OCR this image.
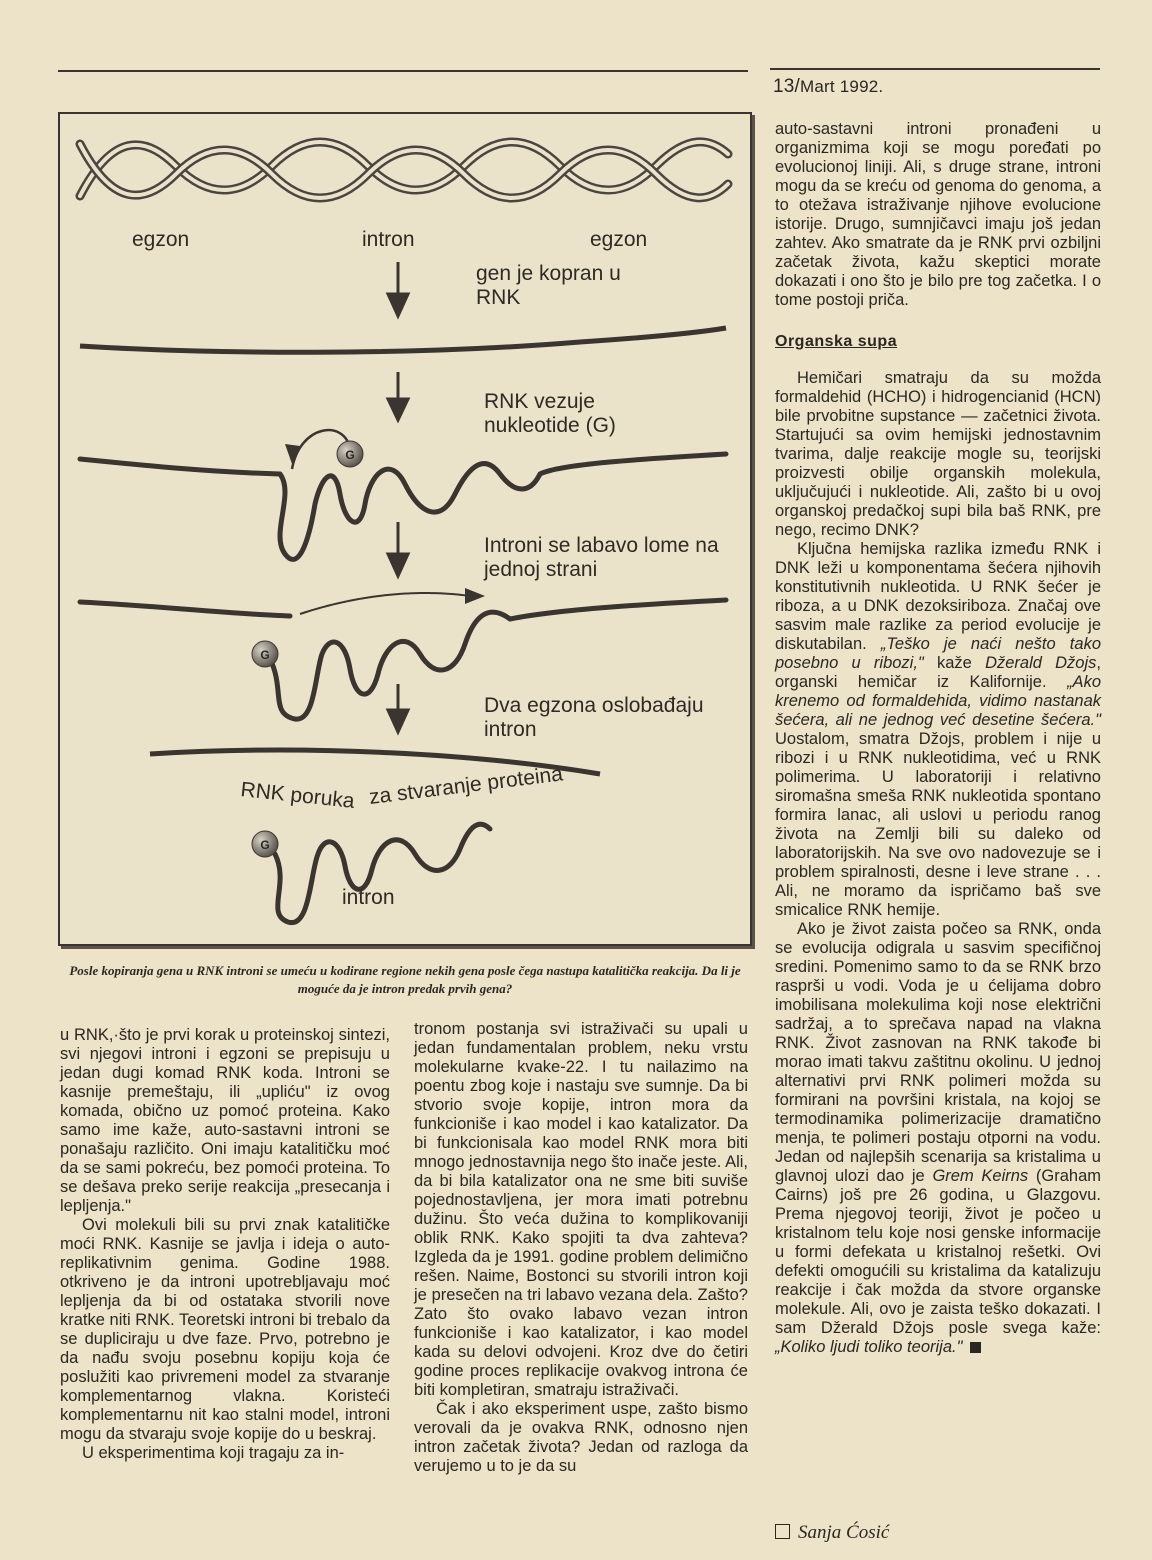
13/Mart 1992.
G
G
G
RNK poruka za stvaranje proteina
egzon	intron	egzon
gen je kopran u RNK
RNK vezuje nukleotide (G)
Introni se labavo lome na jednoj strani
Dva egzona oslobađaju intron
intron
Posle kopiranja gena u RNK introni se umeću u kodirane regione nekih gena posle čega nastupa katalitička reakcija. Da li je moguće da je intron predak prvih gena?

u RNK,·što je prvi korak u proteinskoj sintezi, svi njegovi introni i egzoni se prepisuju u jedan dugi komad RNK koda. Introni se kasnije premeštaju, ili „upliću" iz ovog komada, obično uz pomoć proteina. Kako samo ime kaže, auto-sastavni introni se ponašaju različito. Oni imaju katalitičku moć da se sami pokreću, bez pomoći proteina. To se dešava preko serije reakcija „presecanja i lepljenja."

Ovi molekuli bili su prvi znak katalitičke moći RNK. Kasnije se javlja i ideja o auto-replikativnim genima. Godine 1988. otkriveno je da introni upotrebljavaju moć lepljenja da bi od ostataka stvorili nove kratke niti RNK. Teoretski introni bi trebalo da se dupliciraju u dve faze. Prvo, potrebno je da nađu svoju posebnu kopiju koja će poslužiti kao privremeni model za stvaranje komplementarnog vlakna. Koristeći komplementarnu nit kao stalni model, introni mogu da stvaraju svoje kopije do u beskraj.

U eksperimentima koji tragaju za in-

tronom postanja svi istraživači su upali u jedan fundamentalan problem, neku vrstu molekularne kvake-22. I tu nailazimo na poentu zbog koje i nastaju sve sumnje. Da bi stvorio svoje kopije, intron mora da funkcioniše i kao model i kao katalizator. Da bi funkcionisala kao model RNK mora biti mnogo jednostavnija nego što inače jeste. Ali, da bi bila katalizator ona ne sme biti suviše pojednostavljena, jer mora imati potrebnu dužinu. Što veća dužina to komplikovaniji oblik RNK. Kako spojiti ta dva zahteva? Izgleda da je 1991. godine problem delimično rešen. Naime, Bostonci su stvorili intron koji je presečen na tri labavo vezana dela. Zašto? Zato što ovako labavo vezan intron funkcioniše i kao katalizator, i kao model kada su delovi odvojeni. Kroz dve do četiri godine proces replikacije ovakvog introna će biti kompletiran, smatraju istraživači.

Čak i ako eksperiment uspe, zašto bismo verovali da je ovakva RNK, odnosno njen intron začetak života? Jedan od razloga da verujemo u to je da su

auto-sastavni introni pronađeni u organizmima koji se mogu poređati po evolucionoj liniji. Ali, s druge strane, introni mogu da se kreću od genoma do genoma, a to otežava istraživanje njihove evolucione istorije. Drugo, sumnjičavci imaju još jedan zahtev. Ako smatrate da je RNK prvi ozbiljni začetak života, kažu skeptici morate dokazati i ono što je bilo pre tog začetka. I o tome postoji priča.

Organska supa

Hemičari smatraju da su možda formaldehid (HCHO) i hidrogencianid (HCN) bile prvobitne supstance — začetnici života. Startujući sa ovim hemijski jednostavnim tvarima, dalje reakcije mogle su, teorijski proizvesti obilje organskih molekula, uključujući i nukleotide. Ali, zašto bi u ovoj organskoj predačkoj supi bila baš RNK, pre nego, recimo DNK?

Ključna hemijska razlika između RNK i DNK leži u komponentama šećera njihovih konstitutivnih nukleotida. U RNK šećer je riboza, a u DNK dezoksiriboza. Značaj ove sasvim male razlike za period evolucije je diskutabilan. „Teško je naći nešto tako posebno u ribozi," kaže Džerald Džojs, organski hemičar iz Kalifornije. „Ako krenemo od formaldehida, vidimo nastanak šećera, ali ne jednog već desetine šećera." Uostalom, smatra Džojs, problem i nije u ribozi i u RNK nukleotidima, već u RNK polimerima. U laboratoriji i relativno siromašna smeša RNK nukleotida spontano formira lanac, ali uslovi u periodu ranog života na Zemlji bili su daleko od laboratorijskih. Na sve ovo nadovezuje se i problem spiralnosti, desne i leve strane . . . Ali, ne moramo da ispričamo baš sve smicalice RNK hemije.

Ako je život zaista počeo sa RNK, onda se evolucija odigrala u sasvim specifičnoj sredini. Pomenimo samo to da se RNK brzo rasprši u vodi. Voda je u ćelijama dobro imobilisana molekulima koji nose električni sadržaj, a to sprečava napad na vlakna RNK. Život zasnovan na RNK takođe bi morao imati takvu zaštitnu okolinu. U jednoj alternativi prvi RNK polimeri možda su formirani na površini kristala, na kojoj se termodinamika polimerizacije dramatično menja, te polimeri postaju otporni na vodu. Jedan od najlepših scenarija sa kristalima u glavnoj ulozi dao je Grem Keirns (Graham Cairns) još pre 26 godina, u Glazgovu. Prema njegovoj teoriji, život je počeo u kristalnom telu koje nosi genske informacije u formi defekata u kristalnoj rešetki. Ovi defekti omogućili su kristalima da katalizuju reakcije i čak možda da stvore organske molekule. Ali, ovo je zaista teško dokazati. I sam Džerald Džojs posle svega kaže: „Koliko ljudi toliko teorija."

Sanja Ćosić
